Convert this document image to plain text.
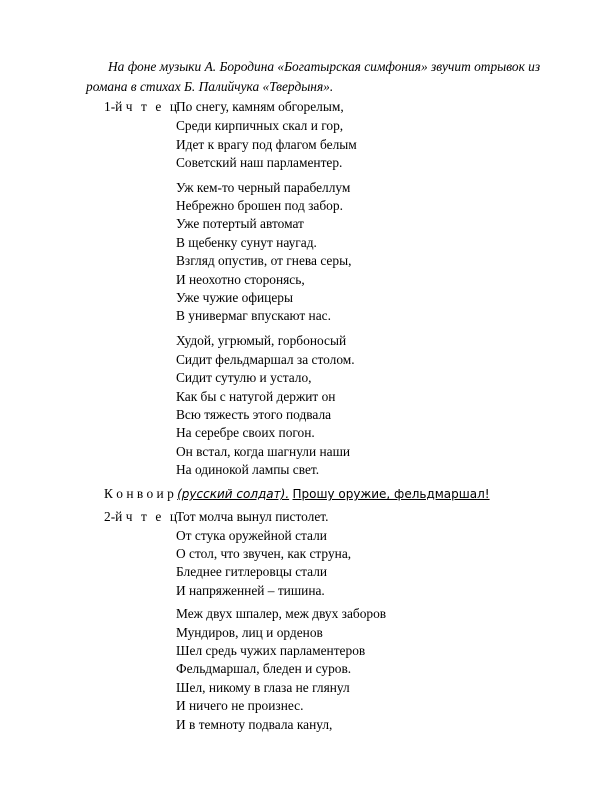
На фоне музыки А. Бородина «Богатырская симфония» звучит отрывок из романа в стихах Б. Палийчука «Твердыня».
1-й ч т е ц .
По снегу, камням обгорелым,
Среди кирпичных скал и гор,
Идет к врагу под флагом белым
Советский наш парламентер.
Уж кем-то черный парабеллум
Небрежно брошен под забор.
Уже потертый автомат
В щебенку сунут наугад.
Взгляд опустив, от гнева серы,
И неохотно сторонясь,
Уже чужие офицеры
В универмаг впускают нас.
Худой, угрюмый, горбоносый
Сидит фельдмаршал за столом.
Сидит сутулю и устало,
Как бы с натугой держит он
Всю тяжесть этого подвала
На серебре своих погон.
Он встал, когда шагнули наши
На одинокой лампы свет.
К о н в о и р (русский солдат). Прошу оружие, фельдмаршал!
2-й ч т е ц .
Тот молча вынул пистолет.
От стука оружейной стали
О стол, что звучен, как струна,
Бледнее гитлеровцы стали
И напряженней – тишина.
Меж двух шпалер, меж двух заборов
Мундиров, лиц и орденов
Шел средь чужих парламентеров
Фельдмаршал, бледен и суров.
Шел, никому в глаза не глянул
И ничего не произнес.
И в темноту подвала канул,
